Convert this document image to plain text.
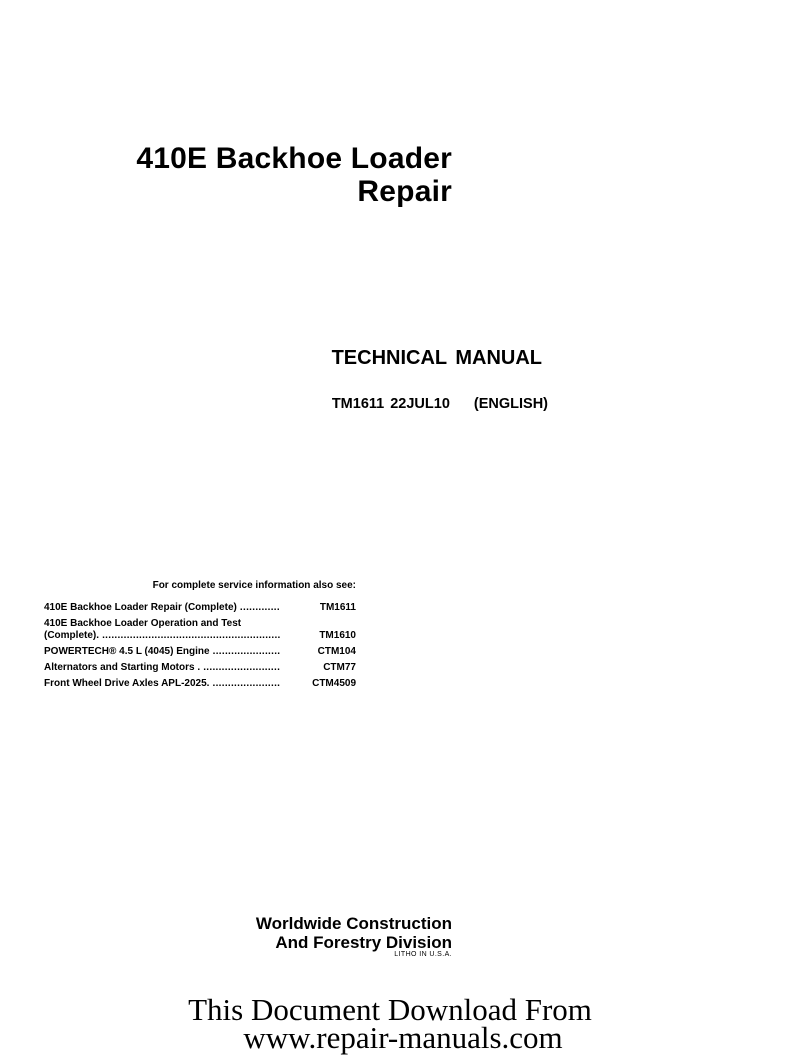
410E Backhoe Loader
Repair
TECHNICAL MANUAL
TM1611 22JUL10 (ENGLISH)
For complete service information also see:
410E Backhoe Loader Repair (Complete) .....	TM1611
410E Backhoe Loader Operation and Test
(Complete). .....	TM1610
POWERTECH® 4.5 L (4045) Engine .....	CTM104
Alternators and Starting Motors . .....	CTM77
Front Wheel Drive Axles APL-2025. .....	CTM4509
Worldwide Construction
And Forestry Division
LITHO IN U.S.A.
This Document Download From
www.repair-manuals.com
